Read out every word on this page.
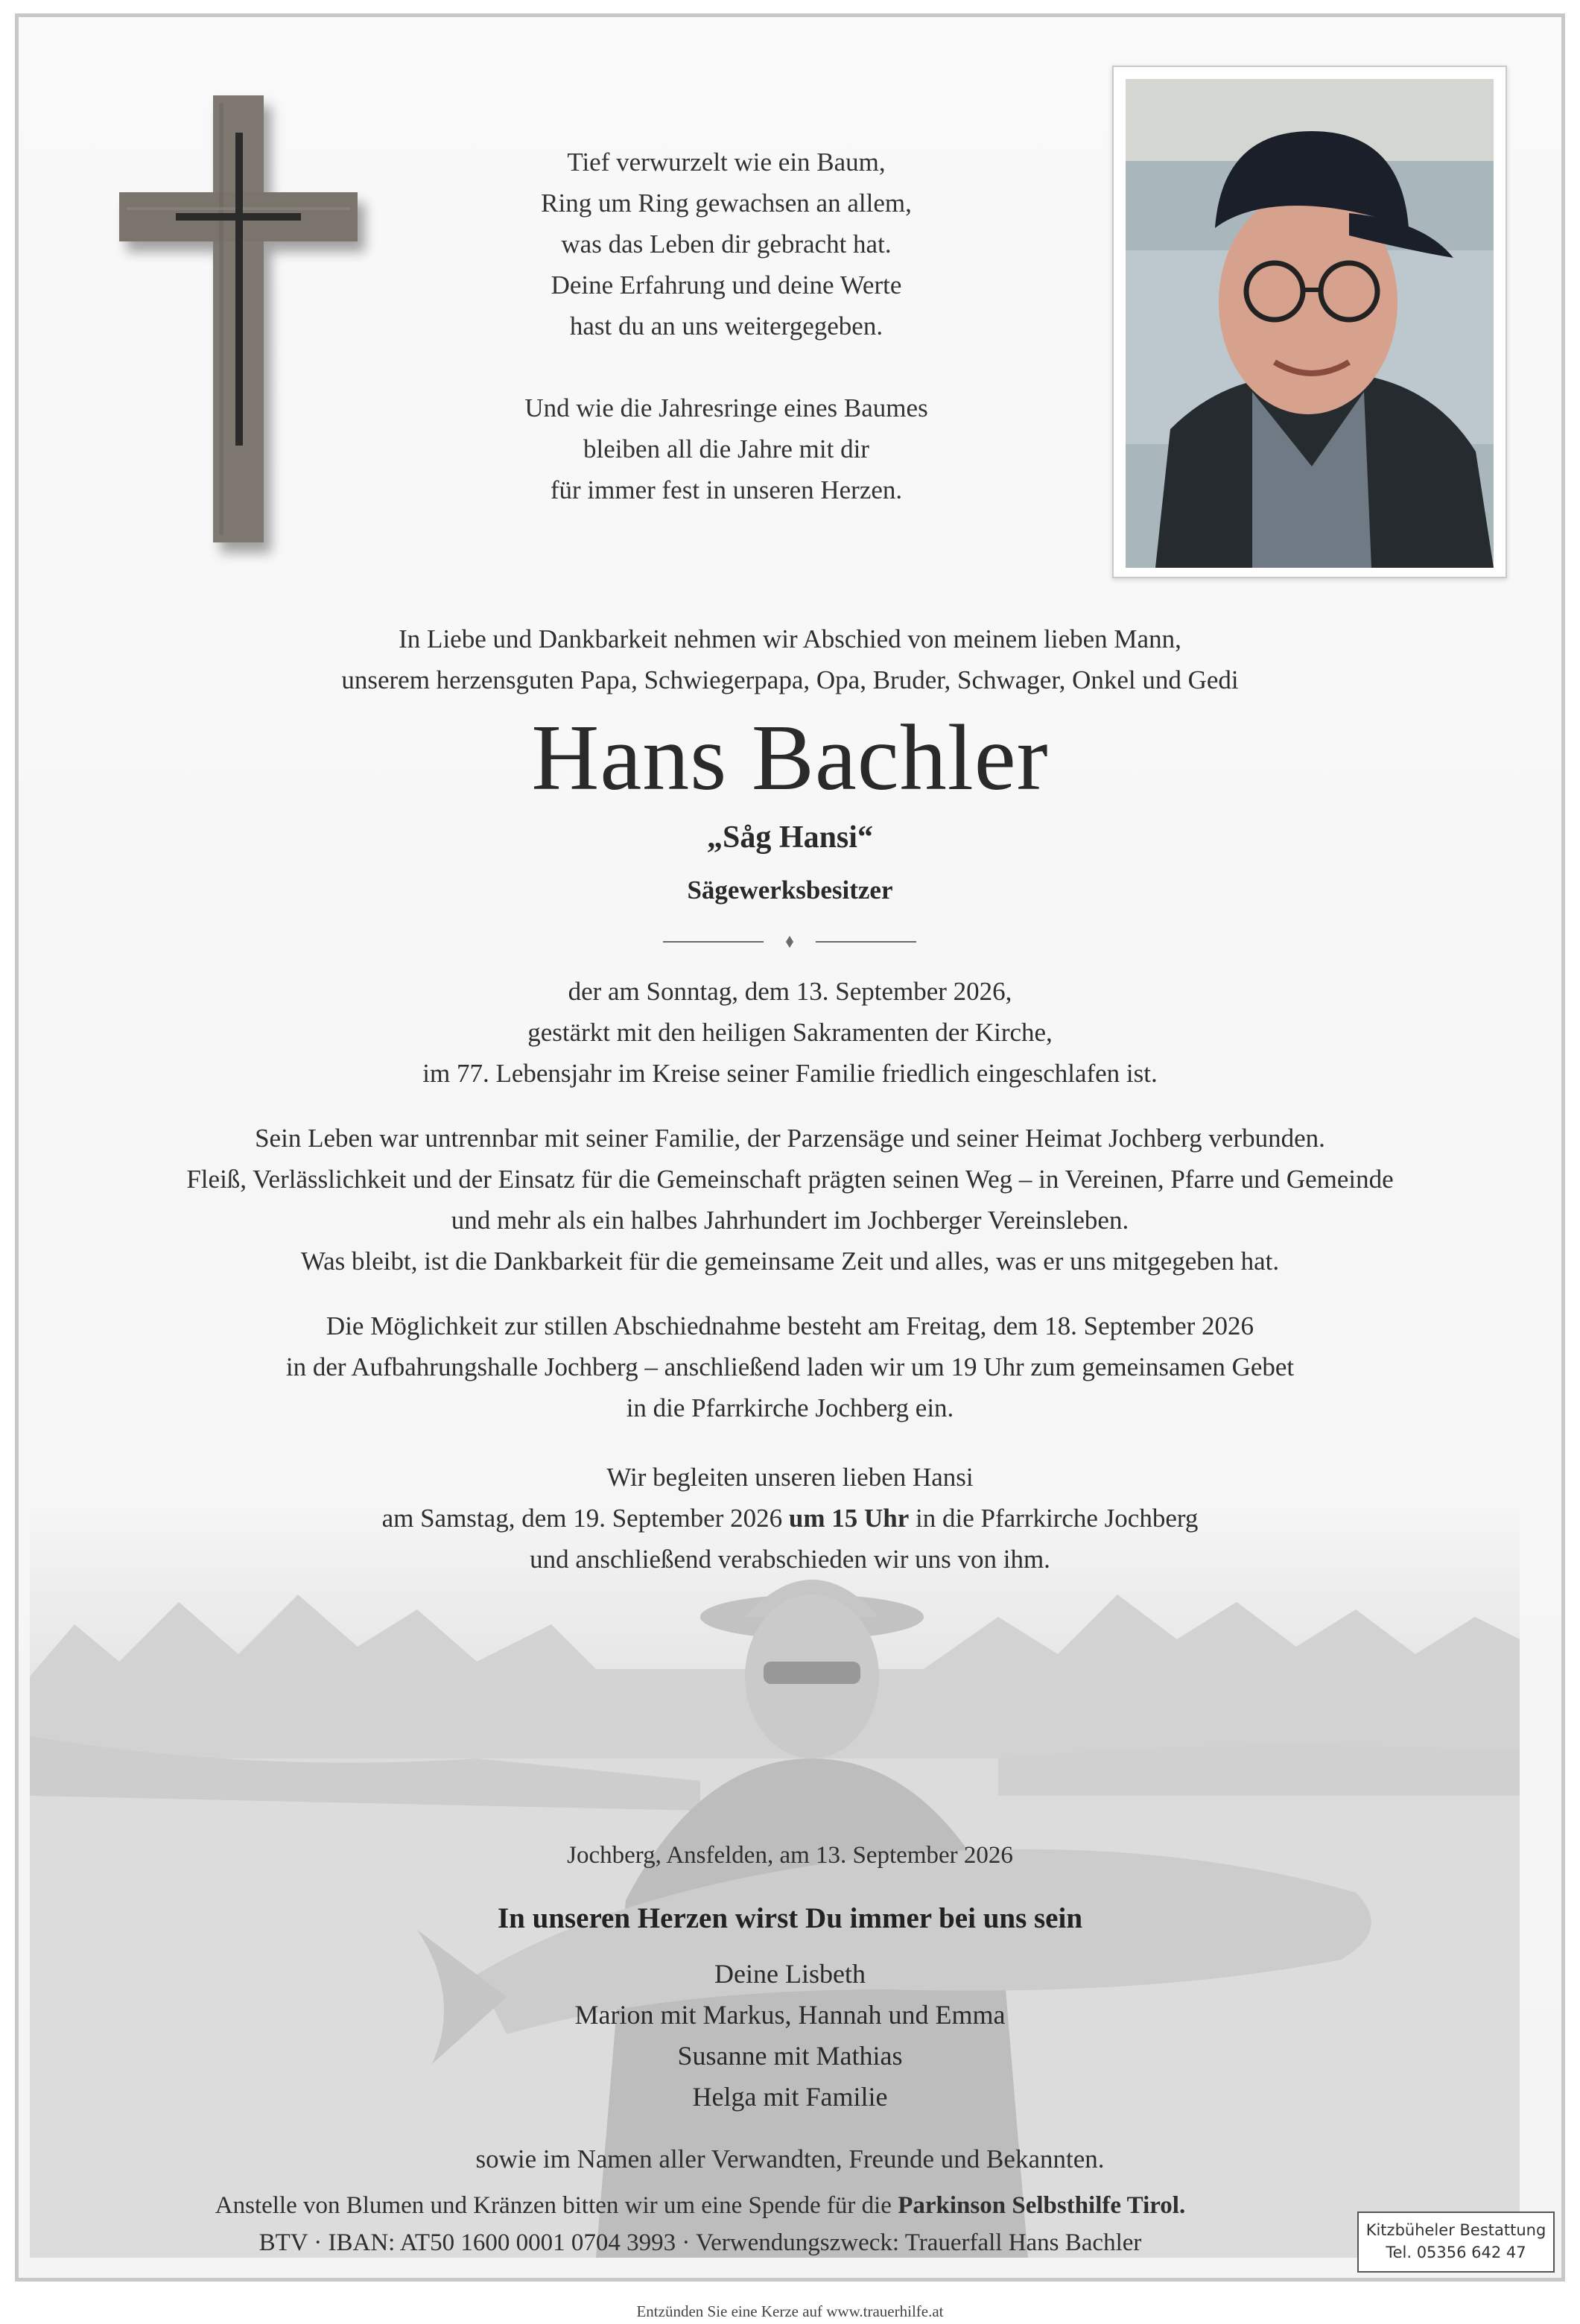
Tief verwurzelt wie ein Baum,
Ring um Ring gewachsen an allem,
was das Leben dir gebracht hat.
Deine Erfahrung und deine Werte
hast du an uns weitergegeben.

Und wie die Jahresringe eines Baumes
bleiben all die Jahre mit dir
für immer fest in unseren Herzen.

In Liebe und Dankbarkeit nehmen wir Abschied von meinem lieben Mann,

unserem herzensguten Papa, Schwiegerpapa, Opa, Bruder, Schwager, Onkel und Gedi

Hans Bachler
„Såg Hansi“
Sägewerksbesitzer

der am Sonntag, dem 13. September 2026,

gestärkt mit den heiligen Sakramenten der Kirche,

im 77. Lebensjahr im Kreise seiner Familie friedlich eingeschlafen ist.

Sein Leben war untrennbar mit seiner Familie, der Parzensäge und seiner Heimat Jochberg verbunden.

Fleiß, Verlässlichkeit und der Einsatz für die Gemeinschaft prägten seinen Weg – in Vereinen, Pfarre und Gemeinde

und mehr als ein halbes Jahrhundert im Jochberger Vereinsleben.

Was bleibt, ist die Dankbarkeit für die gemeinsame Zeit und alles, was er uns mitgegeben hat.

Die Möglichkeit zur stillen Abschiednahme besteht am Freitag, dem 18. September 2026

in der Aufbahrungshalle Jochberg – anschließend laden wir um 19 Uhr zum gemeinsamen Gebet

in die Pfarrkirche Jochberg ein.

Wir begleiten unseren lieben Hansi

am Samstag, dem 19. September 2026 um 15 Uhr in die Pfarrkirche Jochberg

und anschließend verabschieden wir uns von ihm.

Jochberg, Ansfelden, am 13. September 2026

In unseren Herzen wirst Du immer bei uns sein

Deine Lisbeth

Marion mit Markus, Hannah und Emma

Susanne mit Mathias

Helga mit Familie

sowie im Namen aller Verwandten, Freunde und Bekannten.

Anstelle von Blumen und Kränzen bitten wir um eine Spende für die Parkinson Selbsthilfe Tirol.

BTV · IBAN: AT50 1600 0001 0704 3993 · Verwendungszweck: Trauerfall Hans Bachler	Kitzbüheler Bestattung
Tel. 05356 642 47
Entzünden Sie eine Kerze auf www.trauerhilfe.at
